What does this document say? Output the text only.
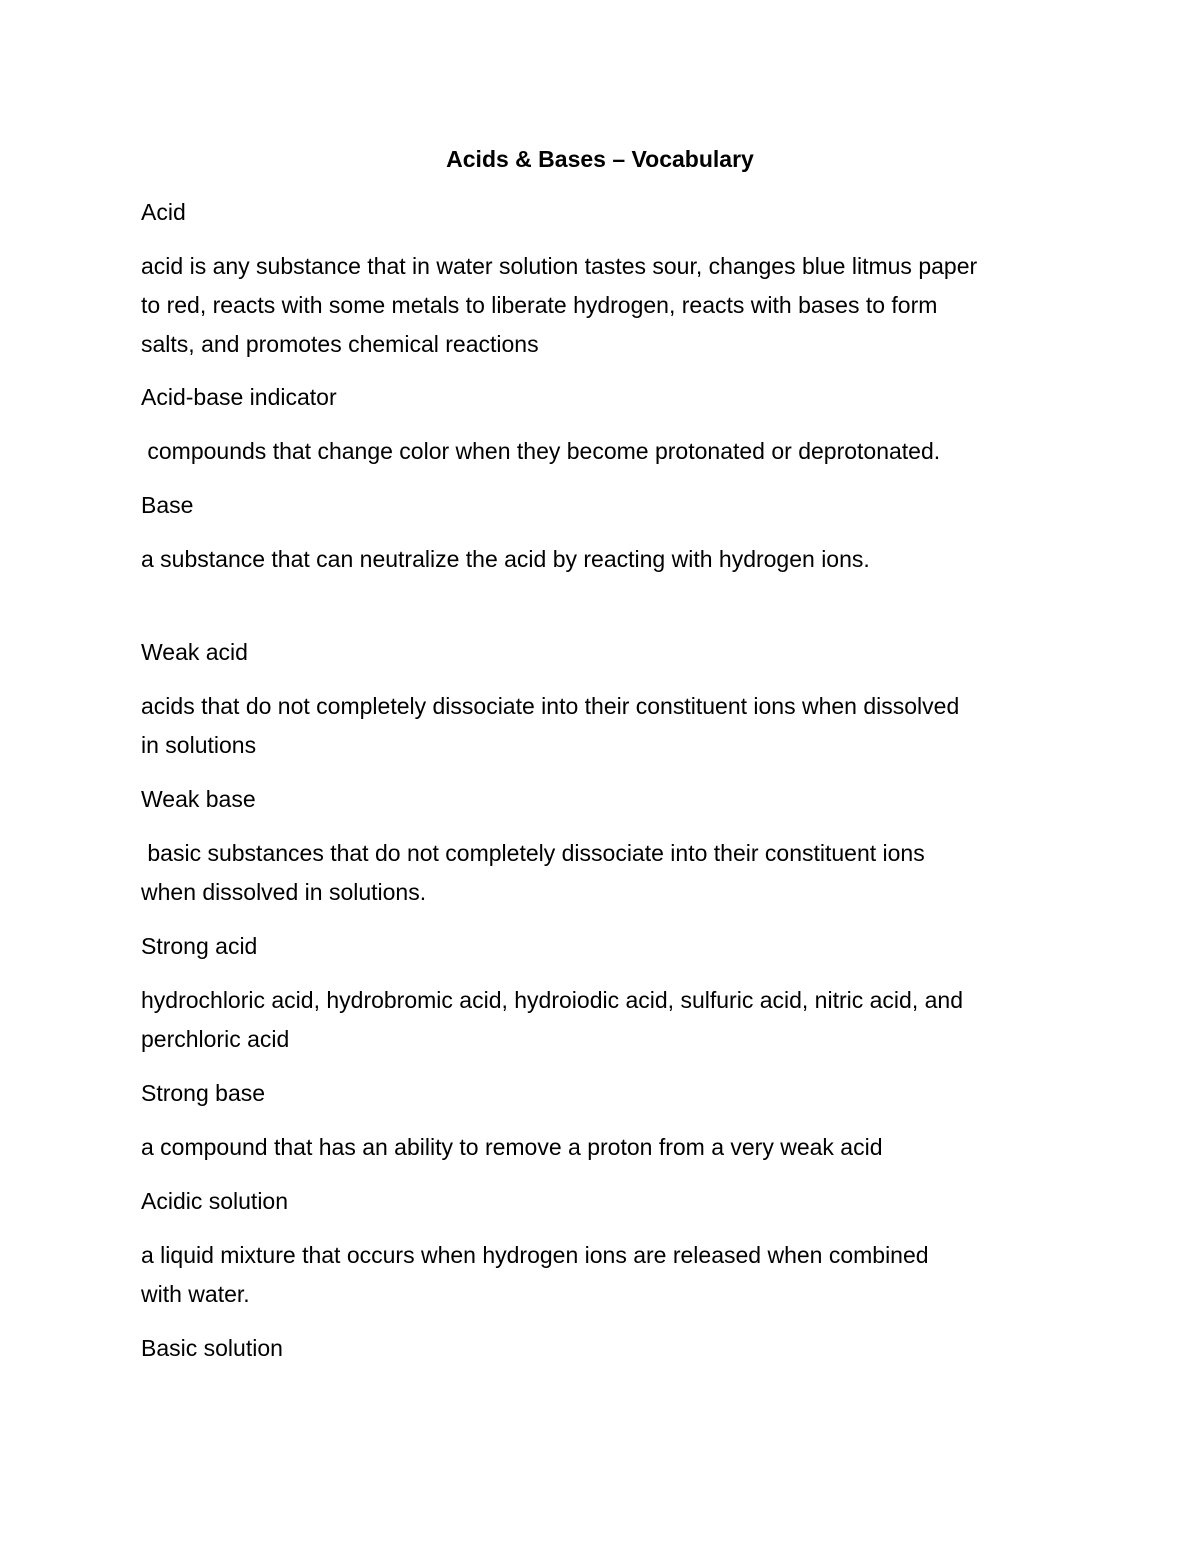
Acids & Bases – Vocabulary

Acid

acid is any substance that in water solution tastes sour, changes blue litmus paper

to red, reacts with some metals to liberate hydrogen, reacts with bases to form

salts, and promotes chemical reactions

Acid-base indicator

compounds that change color when they become protonated or deprotonated.

Base

a substance that can neutralize the acid by reacting with hydrogen ions.

Weak acid

acids that do not completely dissociate into their constituent ions when dissolved

in solutions

Weak base

basic substances that do not completely dissociate into their constituent ions

when dissolved in solutions.

Strong acid

hydrochloric acid, hydrobromic acid, hydroiodic acid, sulfuric acid, nitric acid, and

perchloric acid

Strong base

a compound that has an ability to remove a proton from a very weak acid

Acidic solution

a liquid mixture that occurs when hydrogen ions are released when combined

with water.

Basic solution
